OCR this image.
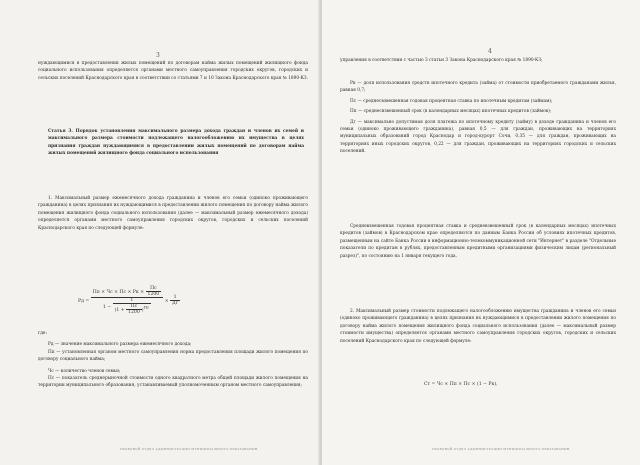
3

нуждающимися в предоставлении жилых помещений по договорам найма жилых помещений жилищного фонда социального использования определяется органами местного самоуправления городских округов, городских и сельских поселений Краснодарского края в соответствии со статьями 7 и 10 Закона Краснодарского края № 1890-КЗ.

Статья 3. Порядок установления максимального размера дохода граждан и членов их семей и максимального размера стоимости подлежащего налогообложению их имущества в целях признания граждан нуждающимися в предоставлении жилых помещений по договорам найма жилых помещений жилищного фонда социального использования

1. Максимальный размер ежемесячного дохода гражданина и членов его семьи (одиноко проживающего гражданина) в целях признания их нуждающимися в предоставлении жилого помещения по договору найма жилого помещения жилищного фонда социального использования (далее — максимальный размер ежемесячного дохода) определяется органами местного самоуправления городских округов, городских и сельских поселений Краснодарского края по следующей формуле:

Рд =
Пп × Чс × Пс × Рк × $\frac{Пс}{1200}$
1 −
1
$(1 + \frac{Пс}{1200} )^{Пс}$
× $\frac{1}{Дг}$

где:

Рд — значение максимального размера ежемесячного дохода;

Пп — установленная органом местного самоуправления норма предоставления площади жилого помещения по договору социального найма;

Чс — количество членов семьи;

Пс — показатель среднерыночной стоимости одного квадратного метра общей площади жилого помещения на территории муниципального образования, устанавливаемый уполномоченным органом местного самоуправления;

ПРАВОВОЙ ОТДЕЛ АДМИНИСТРАЦИИ МУНИЦИПАЛЬНОГО ОБРАЗОВАНИЯ
4

управления в соответствии с частью 3 статьи 3 Закона Краснодарского края № 1890-КЗ;

Рк — доля использования средств ипотечного кредита (займа) от стоимости приобретаемого гражданами жилья, равная 0,7;

Пс — среднесвзвешенная годовая процентная ставка по ипотечным кредитам (займам);

Пп — среднесвзвешенный срок (в календарных месяцах) ипотечных кредитов (займов);

Дг — максимально допустимая доля платежа по ипотечному кредиту (займу) в доходе гражданина и членов его семьи (одиноко проживающего гражданина), равная 0,5 — для граждан, проживающих на территориях муниципальных образований город Краснодар и город-курорт Сочи, 0,35 — для граждан, проживающих на территориях иных городских округов, 0,22 — для граждан, проживающих на территориях городских и сельских поселений.

Средневзвешенная годовая процентная ставка и средневзвешенный срок (в календарных месяцах) ипотечных кредитов (займов) в Краснодарском крае определяются по данным Банка России об условиях ипотечных кредитов, размещенным на сайте Банка России в информационно-телекоммуникационной сети "Интернет" в разделе "Отдельные показатели по кредитам в рублях, предоставленным кредитными организациями физическим лицам (региональный разрез)", по состоянию на 1 января текущего года.

2. Максимальный размер стоимости подлежащего налогообложению имущества гражданина и членов его семьи (одиноко проживающего гражданина) в целях признания их нуждающимися в предоставлении жилого помещения по договору найма жилого помещения жилищного фонда социального использования (далее — максимальный размер стоимости имущества) определяется органами местного самоуправления городских округов, городских и сельских поселений Краснодарского края по следующей формуле:

Ст = Чс × Пп × Пс × (1 − Рк),
ПРАВОВОЙ ОТДЕЛ АДМИНИСТРАЦИИ МУНИЦИПАЛЬНОГО ОБРАЗОВАНИЯ
